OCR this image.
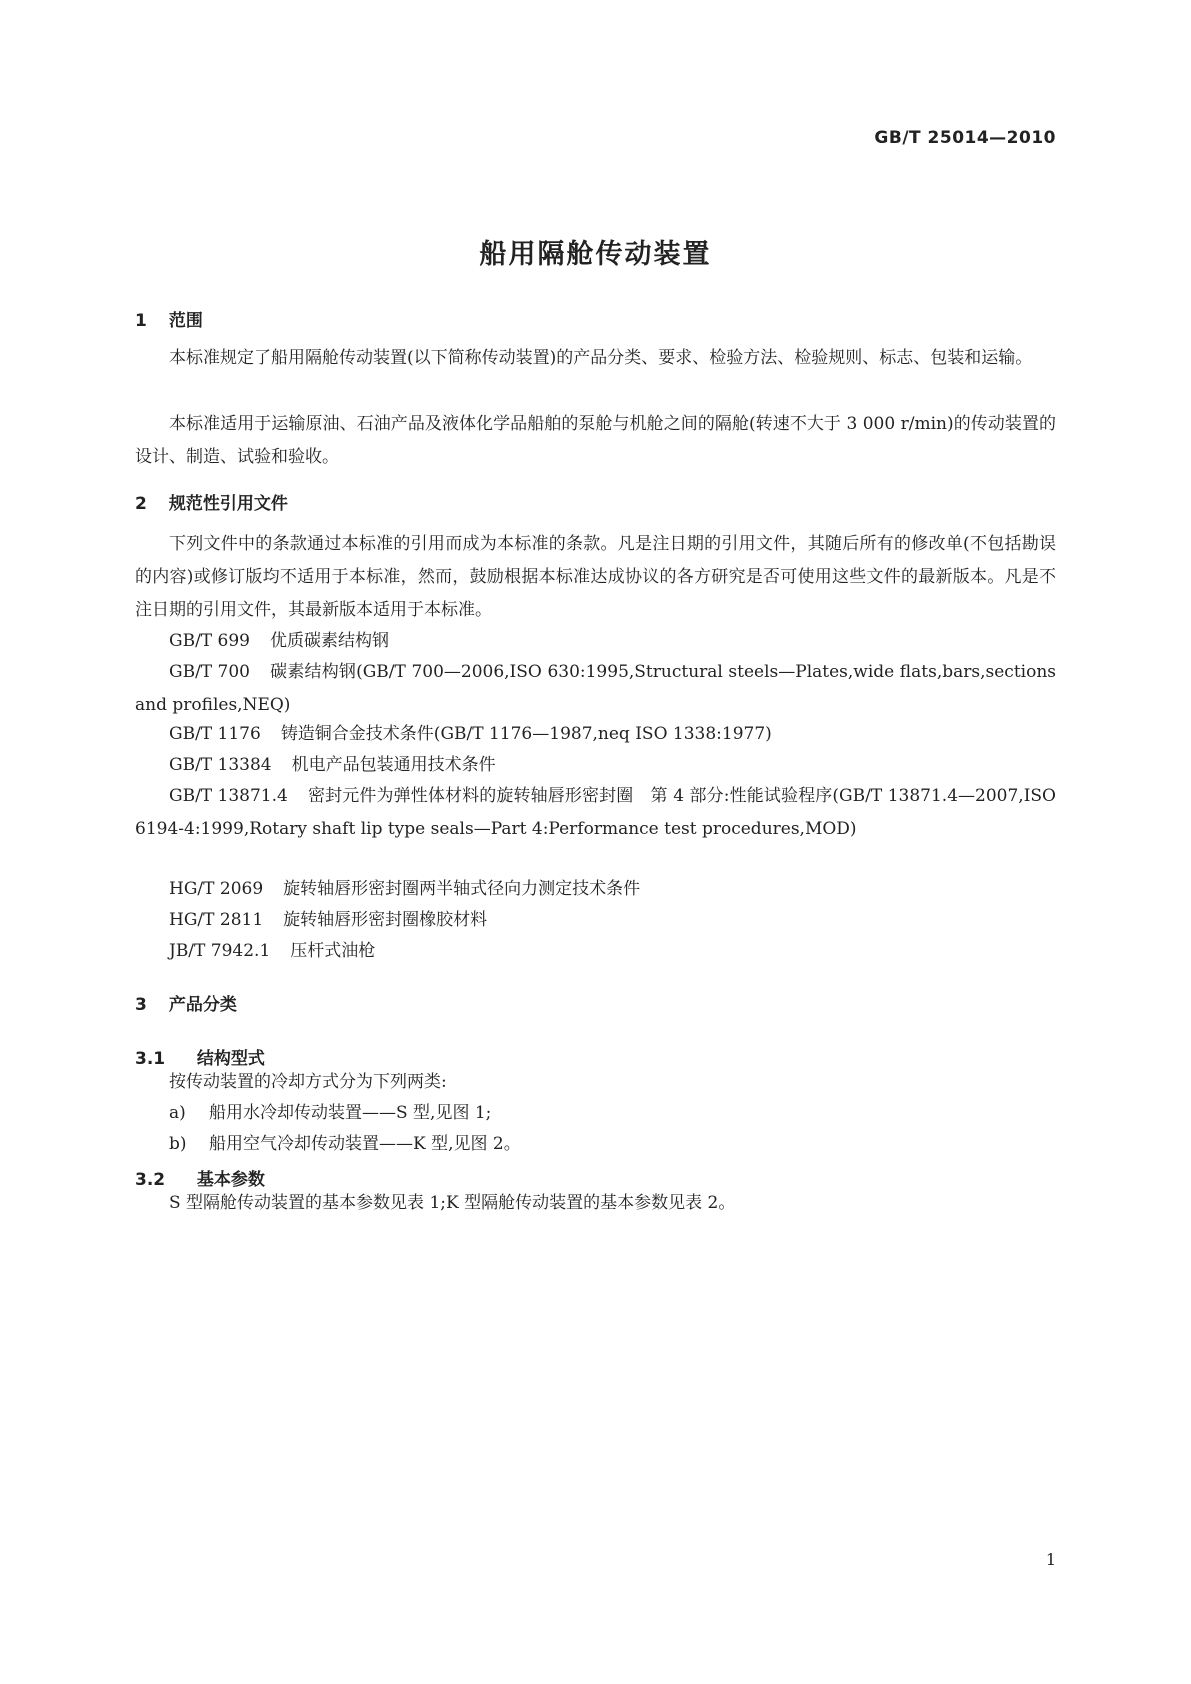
GB/T 25014—2010
船用隔舱传动装置
1 范围

本标准规定了船用隔舱传动装置(以下简称传动装置)的产品分类、要求、检验方法、检验规则、标志、包装和运输。

本标准适用于运输原油、石油产品及液体化学品船舶的泵舱与机舱之间的隔舱(转速不大于 3 000 r/min)的传动装置的设计、制造、试验和验收。

2 规范性引用文件

下列文件中的条款通过本标准的引用而成为本标准的条款。凡是注日期的引用文件，其随后所有的修改单(不包括勘误的内容)或修订版均不适用于本标准，然而，鼓励根据本标准达成协议的各方研究是否可使用这些文件的最新版本。凡是不注日期的引用文件，其最新版本适用于本标准。

GB/T 699 优质碳素结构钢

GB/T 700 碳素结构钢(GB/T 700—2006,ISO 630:1995,Structural steels—Plates,wide flats,bars,sections and profiles,NEQ)

GB/T 1176 铸造铜合金技术条件(GB/T 1176—1987,neq ISO 1338:1977)

GB/T 13384 机电产品包装通用技术条件

GB/T 13871.4 密封元件为弹性体材料的旋转轴唇形密封圈　第 4 部分:性能试验程序(GB/T 13871.4—2007,ISO 6194-4:1999,Rotary shaft lip type seals—Part 4:Performance test procedures,MOD)

HG/T 2069 旋转轴唇形密封圈两半轴式径向力测定技术条件

HG/T 2811 旋转轴唇形密封圈橡胶材料

JB/T 7942.1 压杆式油枪

3 产品分类
3.1 结构型式

按传动装置的冷却方式分为下列两类:

a) 船用水冷却传动装置——S 型,见图 1;

b) 船用空气冷却传动装置——K 型,见图 2。

3.2 基本参数

S 型隔舱传动装置的基本参数见表 1;K 型隔舱传动装置的基本参数见表 2。

1
